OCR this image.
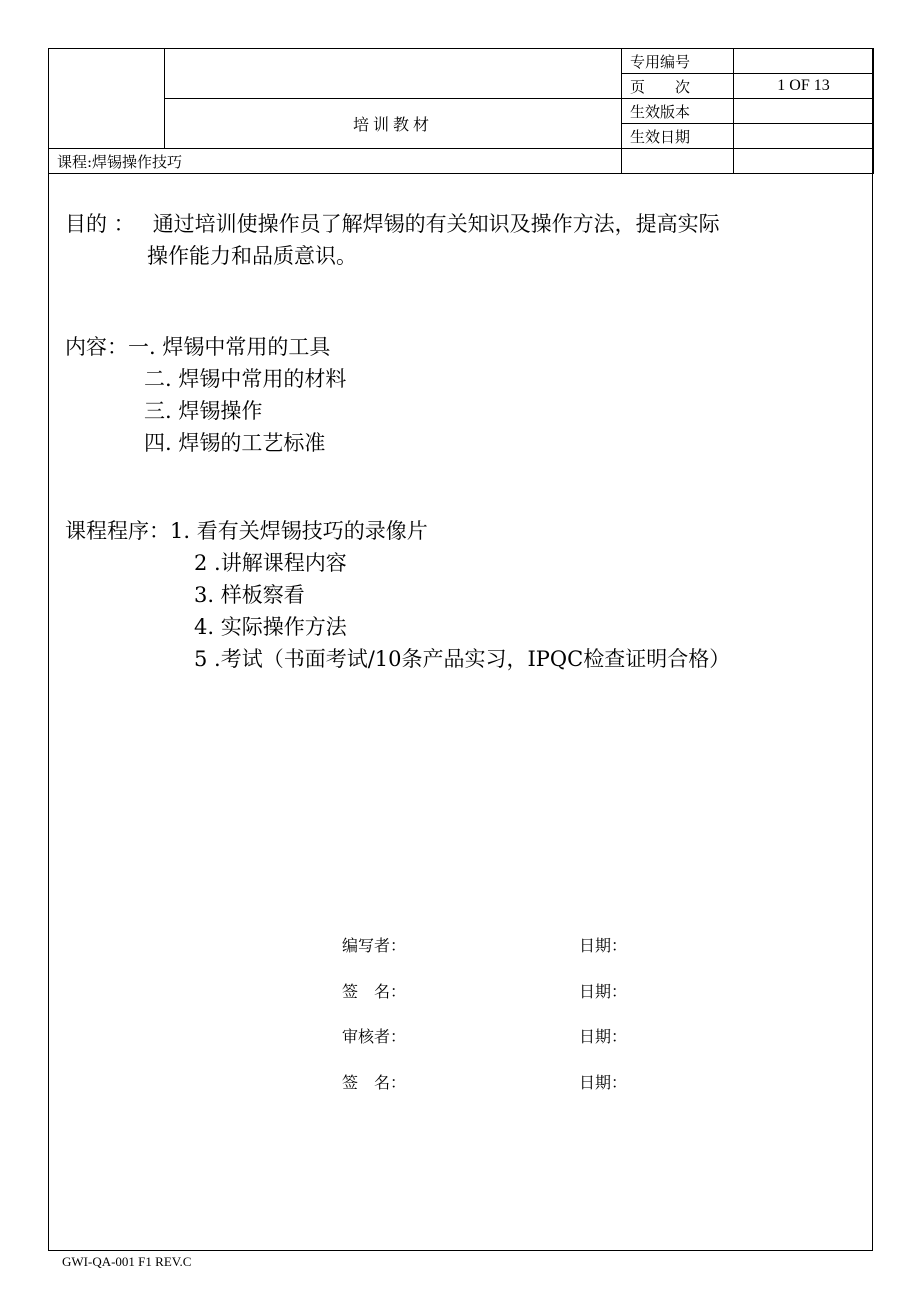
		专用编号	
		页　　次	1 OF 13
	培训教材	生效版本	
		生效日期	
课程:焊锡操作技巧			
目的 ： 通过培训使操作员了解焊锡的有关知识及操作方法，提高实际
操作能力和品质意识。
内容：一. 焊锡中常用的工具
二. 焊锡中常用的材料
三. 焊锡操作
四. 焊锡的工艺标准
课程程序：1. 看有关焊锡技巧的录像片
2 .讲解课程内容
3. 样板察看
4. 实际操作方法
5 .考试（书面考试/10条产品实习，IPQC检查证明合格）
编写者：	日期：
签　名：	日期：
审核者：	日期：
签　名：	日期：
GWI-QA-001 F1 REV.C
